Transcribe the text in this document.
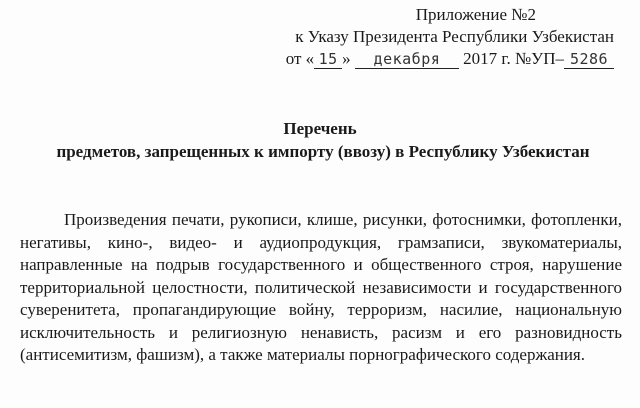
Приложение №2
к Указу Президента Республики Узбекистан
от « 15 » декабря 2017 г. №УП– 5286
Перечень
предметов, запрещенных к импорту (ввозу) в Республику Узбекистан

Произведения печати, рукописи, клише, рисунки, фотоснимки, фотопленки, негативы, кино-, видео- и аудиопродукция, грамзаписи, звукоматериалы, направленные на подрыв государственного и общественного строя, нарушение территориальной целостности, политической независимости и государственного суверенитета, пропагандирующие войну, терроризм, насилие, национальную исключительность и религиозную ненависть, расизм и его разновидность (антисемитизм, фашизм), а также материалы порнографического содержания.
